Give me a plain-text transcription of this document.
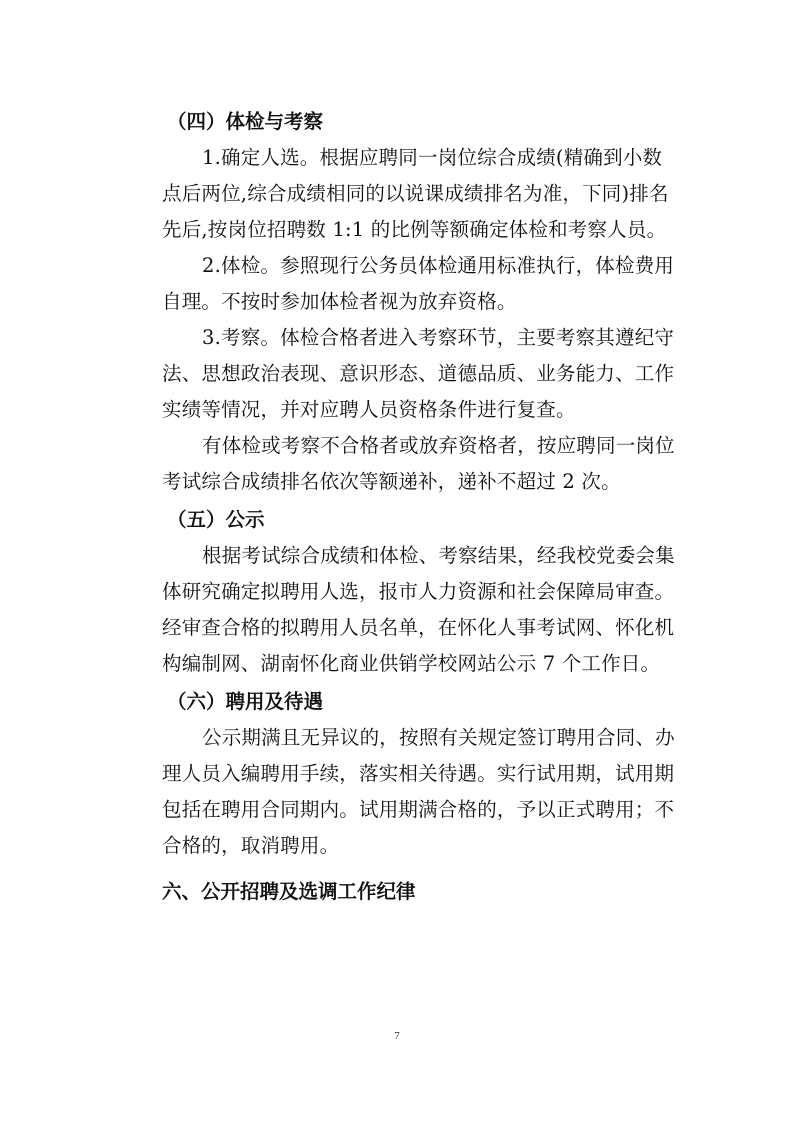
（四）体检与考察
1.确定人选。根据应聘同一岗位综合成绩(精确到小数
点后两位,综合成绩相同的以说课成绩排名为准，下同)排名
先后,按岗位招聘数 1:1 的比例等额确定体检和考察人员。
2.体检。参照现行公务员体检通用标准执行，体检费用
自理。不按时参加体检者视为放弃资格。
3.考察。体检合格者进入考察环节，主要考察其遵纪守
法、思想政治表现、意识形态、道德品质、业务能力、工作
实绩等情况，并对应聘人员资格条件进行复查。
有体检或考察不合格者或放弃资格者，按应聘同一岗位
考试综合成绩排名依次等额递补，递补不超过 2 次。
（五）公示
根据考试综合成绩和体检、考察结果，经我校党委会集
体研究确定拟聘用人选，报市人力资源和社会保障局审查。
经审查合格的拟聘用人员名单，在怀化人事考试网、怀化机
构编制网、湖南怀化商业供销学校网站公示 7 个工作日。
（六）聘用及待遇
公示期满且无异议的，按照有关规定签订聘用合同、办
理人员入编聘用手续，落实相关待遇。实行试用期，试用期
包括在聘用合同期内。试用期满合格的，予以正式聘用；不
合格的，取消聘用。
六、公开招聘及选调工作纪律
7
